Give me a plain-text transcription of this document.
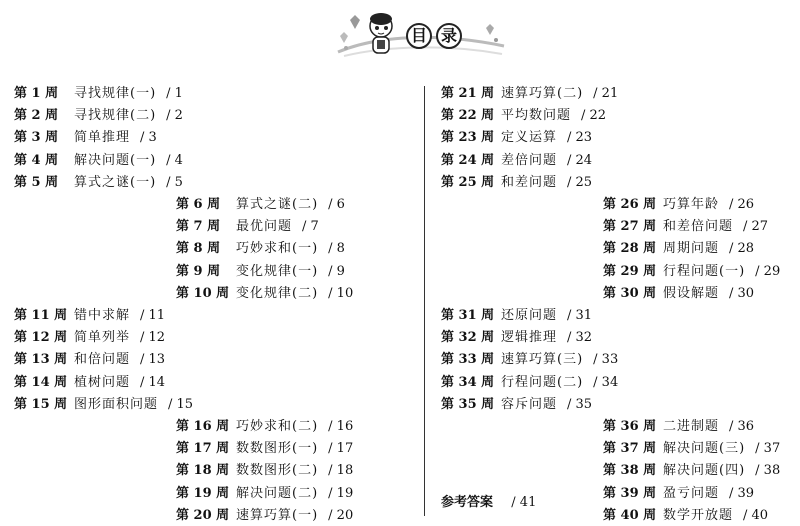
目 录
第 1 周 寻找规律(一) / 1
第 2 周 寻找规律(二) / 2
第 3 周 简单推理 / 3
第 4 周 解决问题(一) / 4
第 5 周 算式之谜(一) / 5
第 6 周 算式之谜(二) / 6
第 7 周 最优问题 / 7
第 8 周 巧妙求和(一) / 8
第 9 周 变化规律(一) / 9
第 10 周 变化规律(二) / 10
第 11 周 错中求解 / 11
第 12 周 简单列举 / 12
第 13 周 和倍问题 / 13
第 14 周 植树问题 / 14
第 15 周 图形面积问题 / 15
第 16 周 巧妙求和(二) / 16
第 17 周 数数图形(一) / 17
第 18 周 数数图形(二) / 18
第 19 周 解决问题(二) / 19
第 20 周 速算巧算(一) / 20
第 21 周 速算巧算(二) / 21
第 22 周 平均数问题 / 22
第 23 周 定义运算 / 23
第 24 周 差倍问题 / 24
第 25 周 和差问题 / 25
第 26 周 巧算年龄 / 26
第 27 周 和差倍问题 / 27
第 28 周 周期问题 / 28
第 29 周 行程问题(一) / 29
第 30 周 假设解题 / 30
第 31 周 还原问题 / 31
第 32 周 逻辑推理 / 32
第 33 周 速算巧算(三) / 33
第 34 周 行程问题(二) / 34
第 35 周 容斥问题 / 35
第 36 周 二进制题 / 36
第 37 周 解决问题(三) / 37
第 38 周 解决问题(四) / 38
第 39 周 盈亏问题 / 39
第 40 周 数学开放题 / 40
参考答案 / 41
